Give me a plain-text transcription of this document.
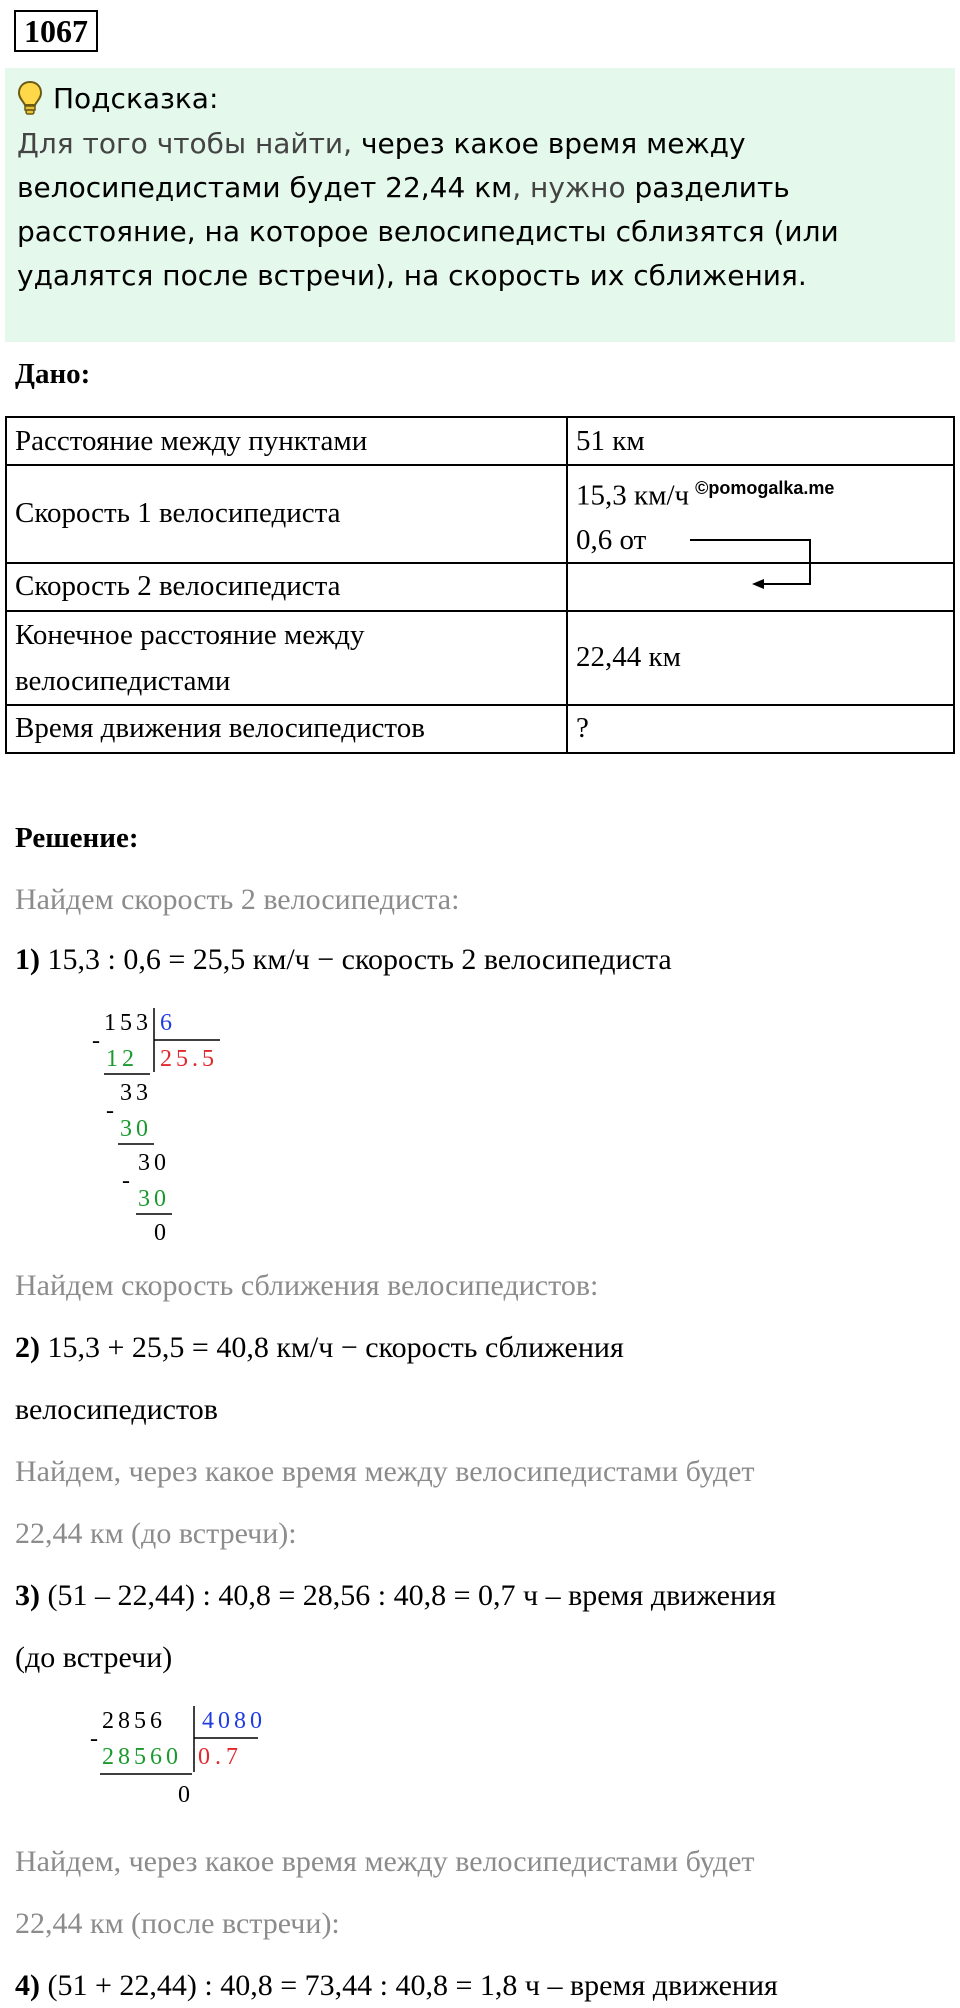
1067
Подсказка:
Для того чтобы найти, через какое время между
велосипедистами будет 22,44 км, нужно разделить
расстояние, на которое велосипедисты сблизятся (или
удалятся после встречи), на скорость их сближения.
Дано:
Расстояние между пунктами	51 км
Скорость 1 велосипедиста	15,3 км/ч $^{©pomogalka.me}$
0,6 от
Скорость 2 велосипедиста	
Конечное расстояние между
велосипедистами	22,44 км
Время движения велосипедистов	?
Решение:
Найдем скорость 2 велосипедиста:
1) 15,3 : 0,6 = 25,5 км/ч − скорость 2 велосипедиста
153 6
-
12 25.5
33
-
30
30
-
30
0
Найдем скорость сближения велосипедистов:
2) 15,3 + 25,5 = 40,8 км/ч − скорость сближения
велосипедистов
Найдем, через какое время между велосипедистами будет
22,44 км (до встречи):
3) (51 – 22,44) : 40,8 = 28,56 : 40,8 = 0,7 ч – время движения
(до встречи)
2856 4080
-
28560 0.7
0
Найдем, через какое время между велосипедистами будет
22,44 км (после встречи):
4) (51 + 22,44) : 40,8 = 73,44 : 40,8 = 1,8 ч – время движения
